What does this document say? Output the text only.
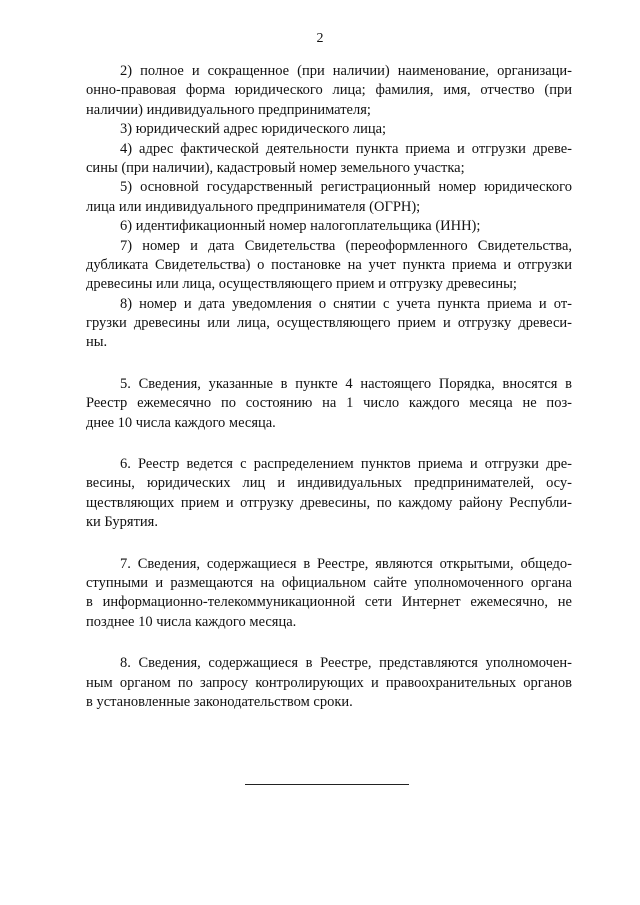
2
2) полное и сокращенное (при наличии) наименование, организаци-
онно-правовая форма юридического лица; фамилия, имя, отчество (при
наличии) индивидуального предпринимателя;
3) юридический адрес юридического лица;
4) адрес фактической деятельности пункта приема и отгрузки древе-
сины (при наличии), кадастровый номер земельного участка;
5) основной государственный регистрационный номер юридического
лица или индивидуального предпринимателя (ОГРН);
6) идентификационный номер налогоплательщика (ИНН);
7) номер и дата Свидетельства (переоформленного Свидетельства,
дубликата Свидетельства) о постановке на учет пункта приема и отгрузки
древесины или лица, осуществляющего прием и отгрузку древесины;
8) номер и дата уведомления о снятии с учета пункта приема и от-
грузки древесины или лица, осуществляющего прием и отгрузку древеси-
ны.
5. Сведения, указанные в пункте 4 настоящего Порядка, вносятся в
Реестр ежемесячно по состоянию на 1 число каждого месяца не поз-
днее 10 числа каждого месяца.
6. Реестр ведется с распределением пунктов приема и отгрузки дре-
весины, юридических лиц и индивидуальных предпринимателей, осу-
ществляющих прием и отгрузку древесины, по каждому району Республи-
ки Бурятия.
7. Сведения, содержащиеся в Реестре, являются открытыми, общедо-
ступными и размещаются на официальном сайте уполномоченного органа
в информационно-телекоммуникационной сети Интернет ежемесячно, не
позднее 10 числа каждого месяца.
8. Сведения, содержащиеся в Реестре, представляются уполномочен-
ным органом по запросу контролирующих и правоохранительных органов
в установленные законодательством сроки.
